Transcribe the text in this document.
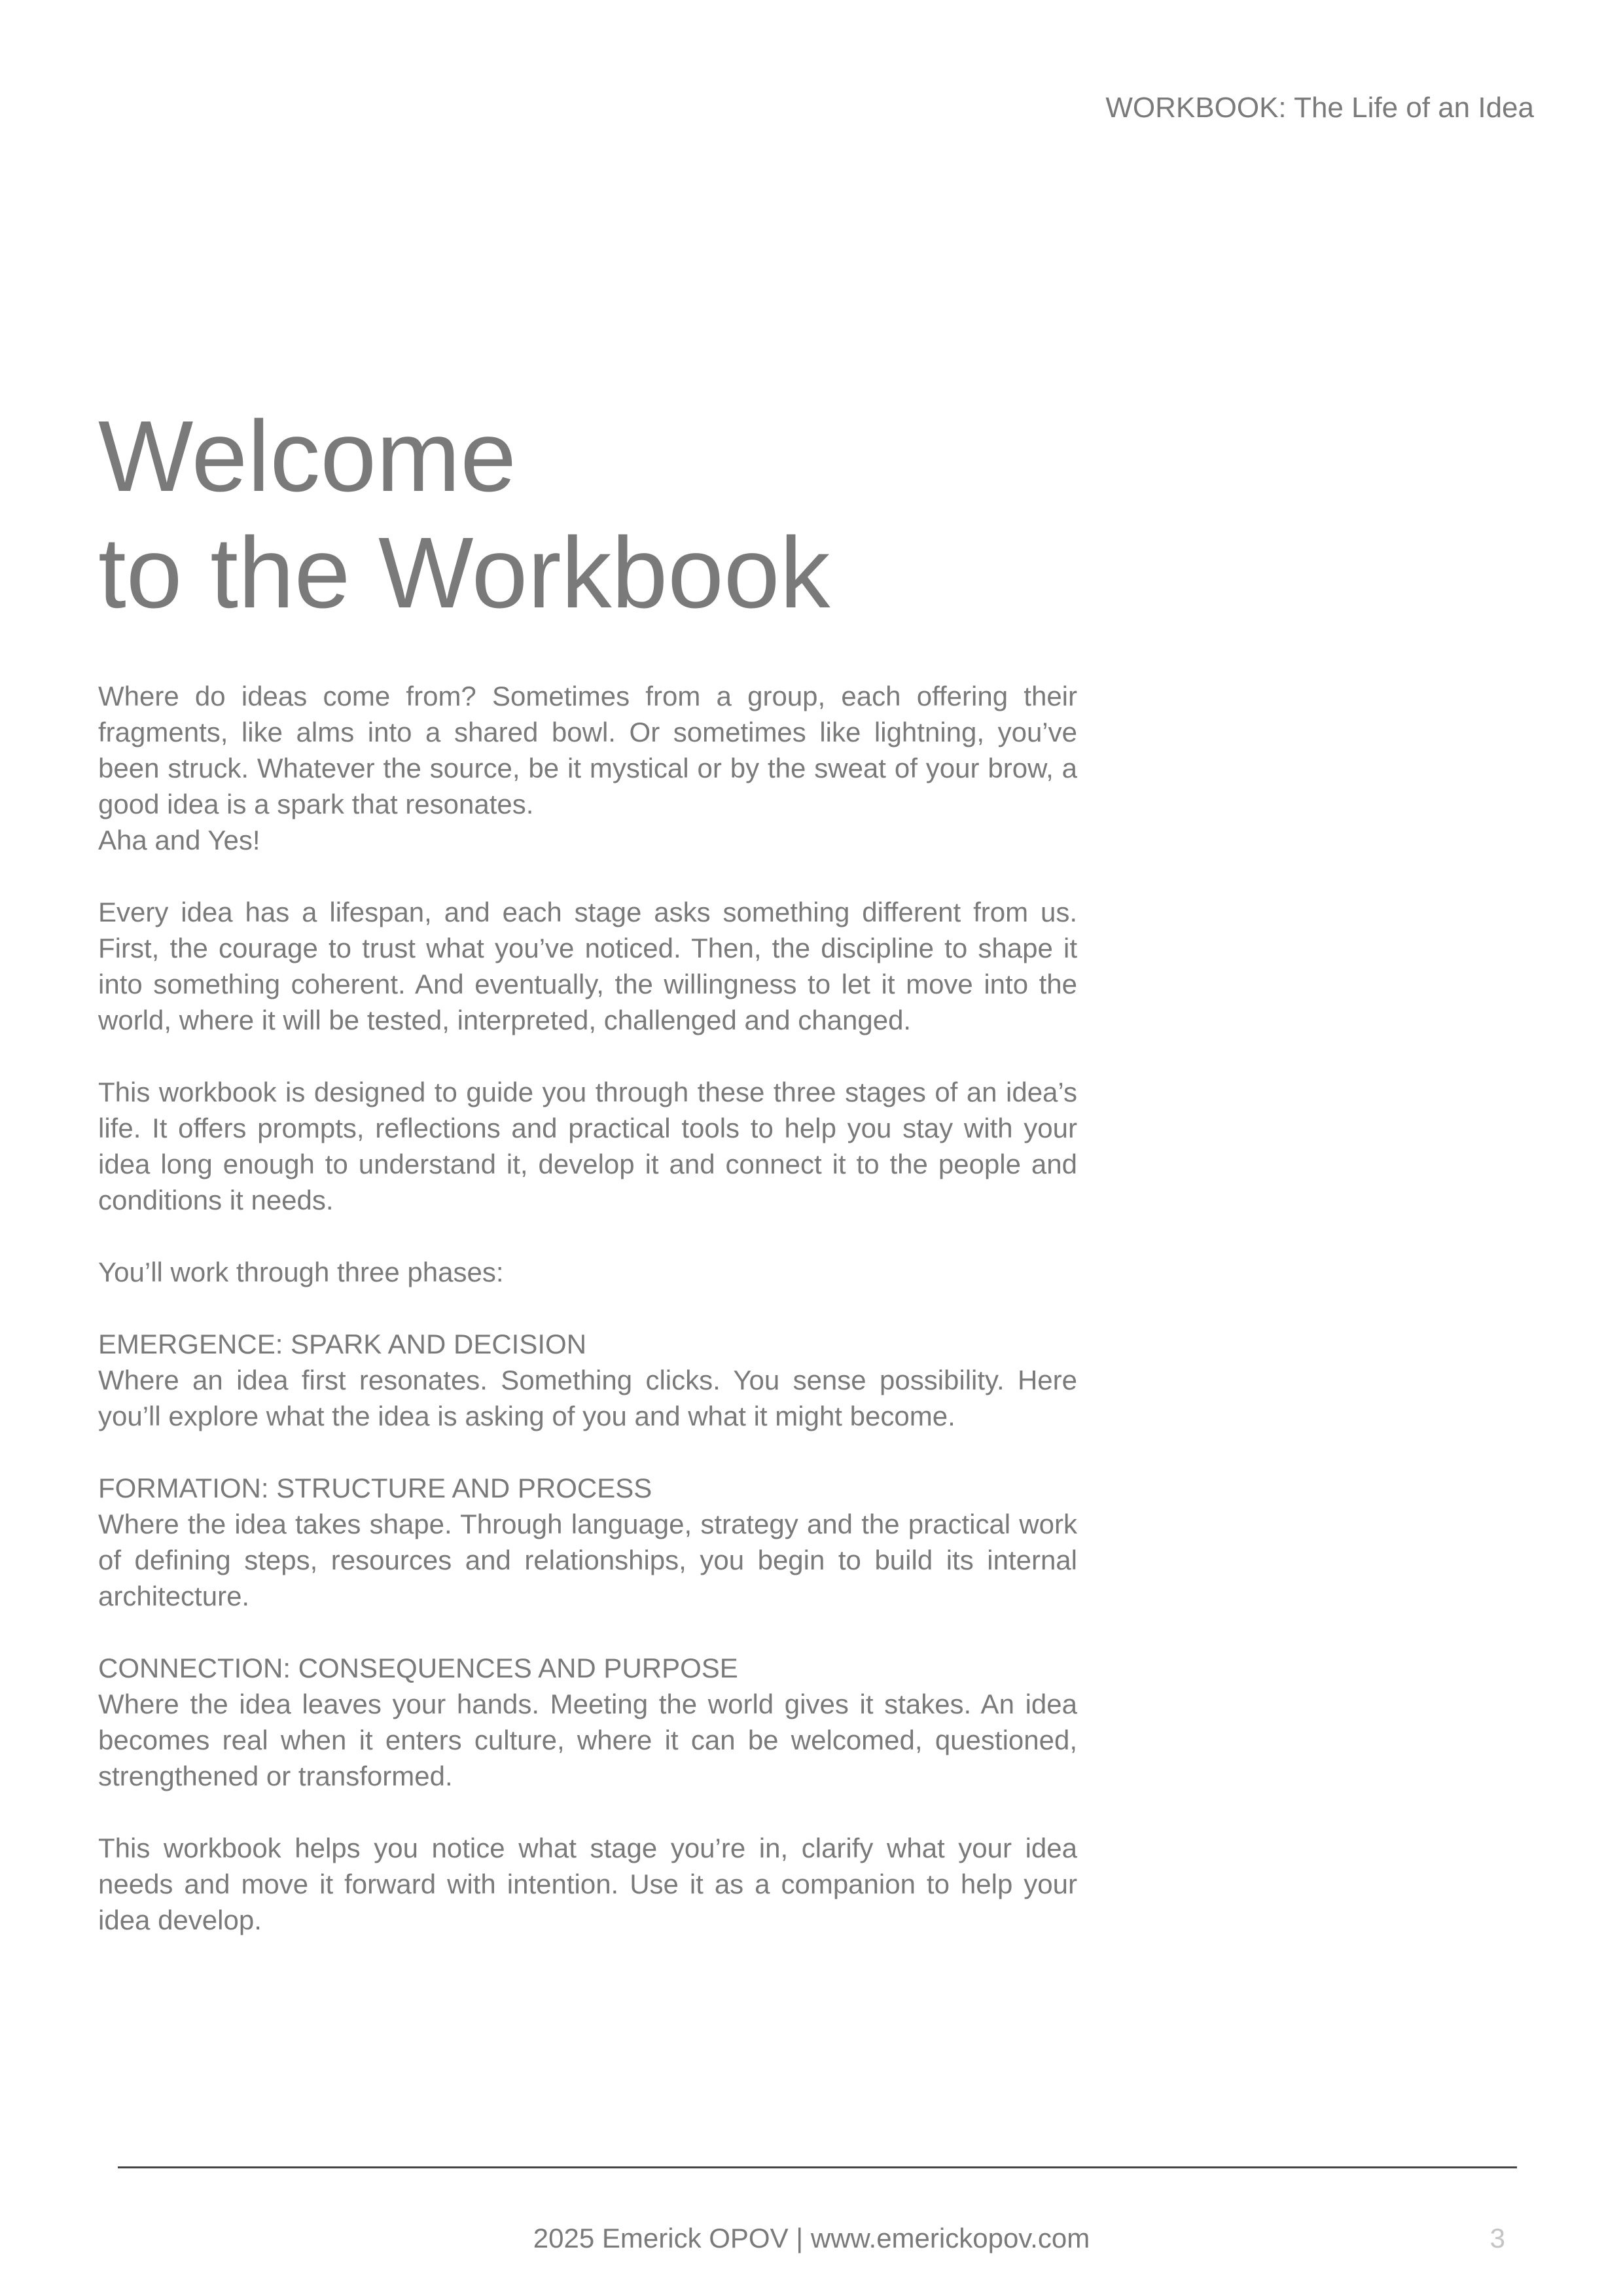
WORKBOOK: The Life of an Idea
Welcome
to the Workbook

Where do ideas come from? Sometimes from a group, each offering their fragments, like alms into a shared bowl. Or sometimes like lightning, you’ve been struck. Whatever the source, be it mystical or by the sweat of your brow, a good idea is a spark that resonates.
Aha and Yes!

Every idea has a lifespan, and each stage asks something different from us. First, the courage to trust what you’ve noticed. Then, the discipline to shape it into something coherent. And eventually, the willingness to let it move into the world, where it will be tested, interpreted, challenged and changed.

This workbook is designed to guide you through these three stages of an idea’s life. It offers prompts, reflections and practical tools to help you stay with your idea long enough to understand it, develop it and connect it to the people and conditions it needs.

You’ll work through three phases:

EMERGENCE: SPARK AND DECISION
Where an idea first resonates. Something clicks. You sense possibility. Here you’ll explore what the idea is asking of you and what it might become.

FORMATION: STRUCTURE AND PROCESS
Where the idea takes shape. Through language, strategy and the practical work of defining steps, resources and relationships, you begin to build its internal architecture.

CONNECTION: CONSEQUENCES AND PURPOSE
Where the idea leaves your hands. Meeting the world gives it stakes. An idea becomes real when it enters culture, where it can be welcomed, questioned, strengthened or transformed.

This workbook helps you notice what stage you’re in, clarify what your idea needs and move it forward with intention. Use it as a companion to help your idea develop.

2025 Emerick OPOV | www.emerickopov.com	3
